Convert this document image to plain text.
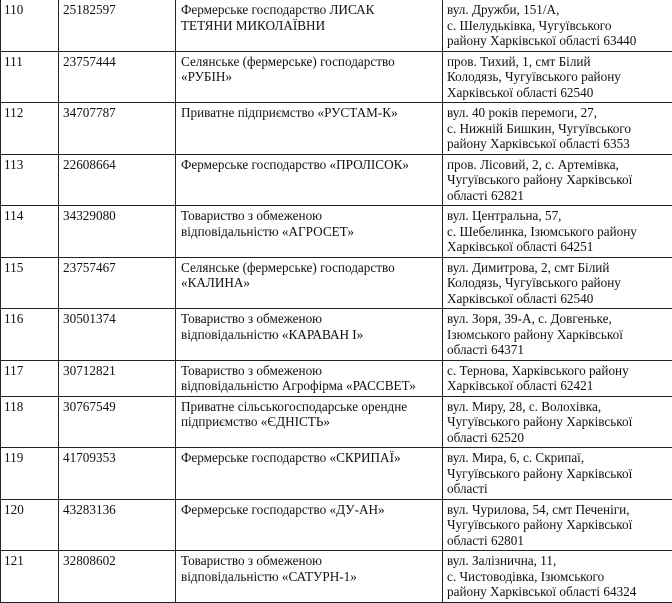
110	25182597	Фермерське господарство ЛИСАК
ТЕТЯНИ МИКОЛАЇВНИ	вул. Дружби, 151/А,
с. Шелудьківка, Чугуївського
району Харківської області 63440
111	23757444	Селянське (фермерське) господарство
«РУБІН»	пров. Тихий, 1, смт Білий
Колодязь, Чугуївського району
Харківської області 62540
112	34707787	Приватне підприємство «РУСТАМ-К»	вул. 40 років перемоги, 27,
с. Нижній Бишкин, Чугуївського
району Харківської області 6353
113	22608664	Фермерське господарство «ПРОЛІСОК»	пров. Лісовий, 2, с. Артемівка,
Чугуївського району Харківської
області 62821
114	34329080	Товариство з обмеженою
відповідальністю «АГРОСЕТ»	вул. Центральна, 57,
с. Шебелинка, Ізюмського району
Харківської області 64251
115	23757467	Селянське (фермерське) господарство
«КАЛИНА»	вул. Димитрова, 2, смт Білий
Колодязь, Чугуївського району
Харківської області 62540
116	30501374	Товариство з обмеженою
відповідальністю «КАРАВАН І»	вул. Зоря, 39-А, с. Довгеньке,
Ізюмського району Харківської
області 64371
117	30712821	Товариство з обмеженою
відповідальністю Агрофірма «РАССВЕТ»	с. Тернова, Харківського району
Харківської області 62421
118	30767549	Приватне сільськогосподарське орендне
підприємство «ЄДНІСТЬ»	вул. Миру, 28, с. Волохівка,
Чугуївського району Харківської
області 62520
119	41709353	Фермерське господарство «СКРИПАЇ»	вул. Мира, 6, с. Скрипаї,
Чугуївського району Харківської
області
120	43283136	Фермерське господарство «ДУ-АН»	вул. Чурилова, 54, смт Печеніги,
Чугуївського району Харківської
області 62801
121	32808602	Товариство з обмеженою
відповідальністю «САТУРН-1»	вул. Залізнична, 11,
с. Чистоводівка, Ізюмського
району Харківської області 64324
